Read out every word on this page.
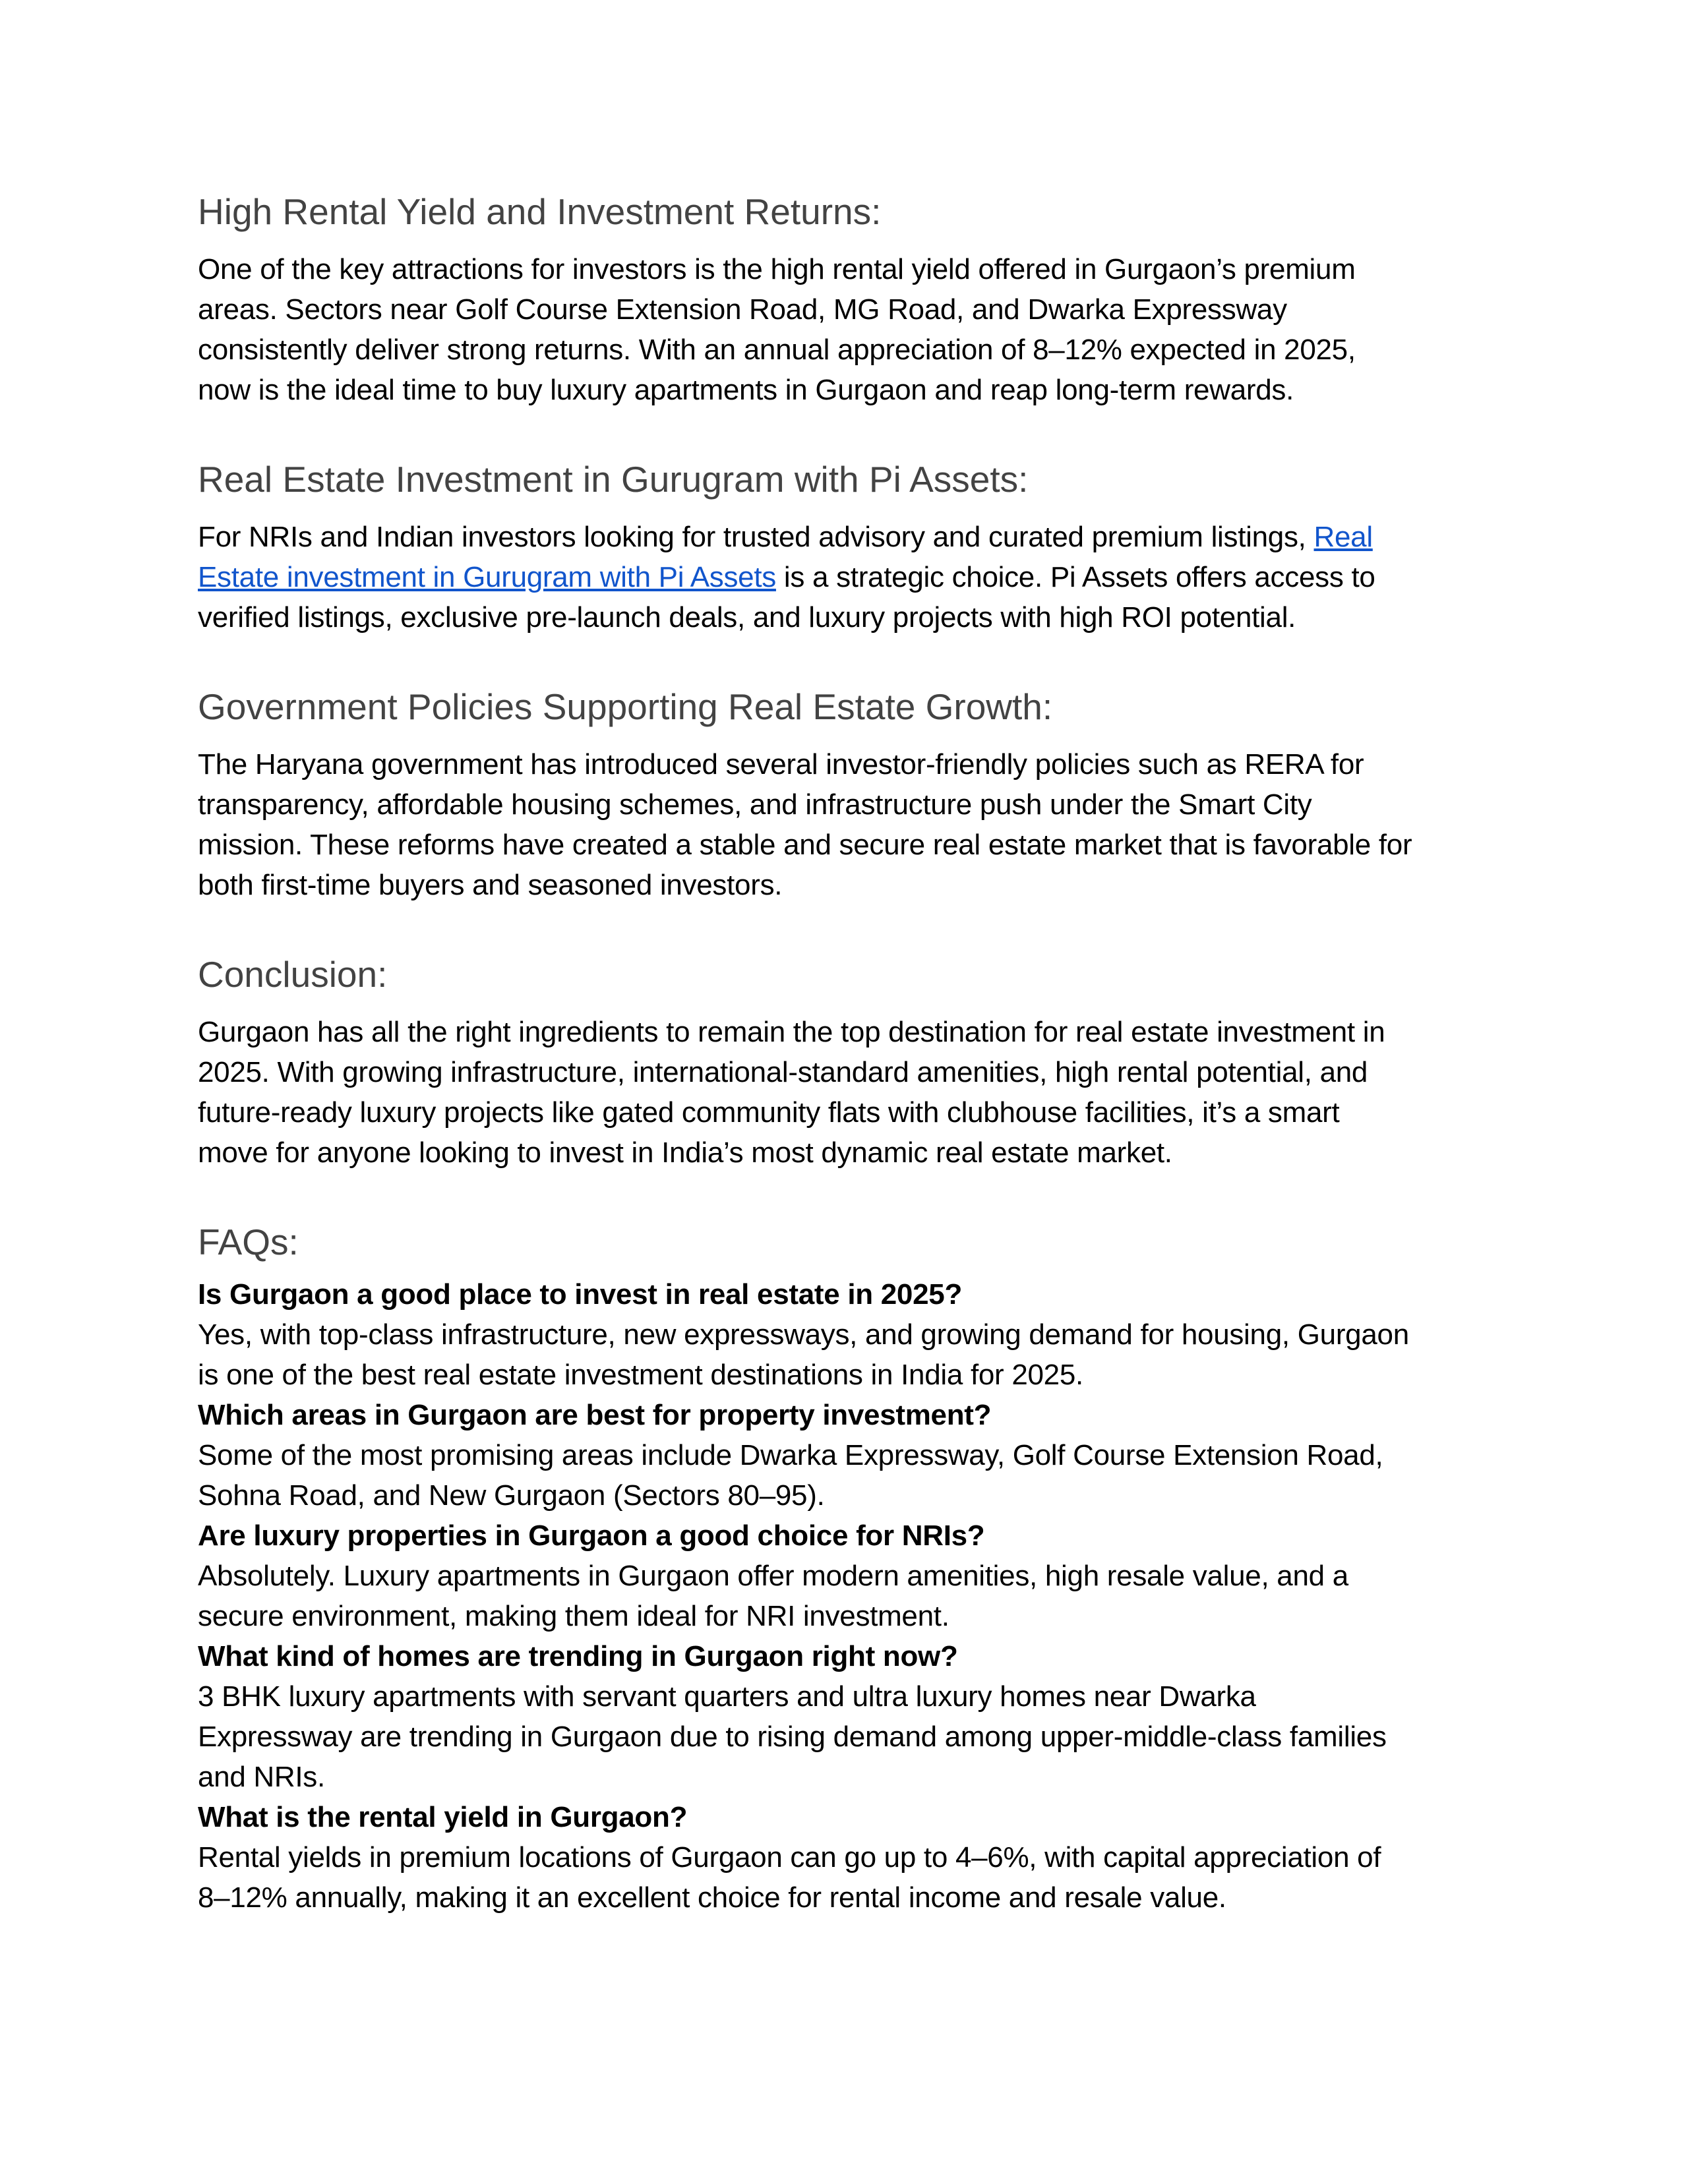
High Rental Yield and Investment Returns:

One of the key attractions for investors is the high rental yield offered in Gurgaon’s premium
areas. Sectors near Golf Course Extension Road, MG Road, and Dwarka Expressway
consistently deliver strong returns. With an annual appreciation of 8–12% expected in 2025,
now is the ideal time to buy luxury apartments in Gurgaon and reap long-term rewards.

Real Estate Investment in Gurugram with Pi Assets:

For NRIs and Indian investors looking for trusted advisory and curated premium listings, Real
Estate investment in Gurugram with Pi Assets is a strategic choice. Pi Assets offers access to
verified listings, exclusive pre-launch deals, and luxury projects with high ROI potential.

Government Policies Supporting Real Estate Growth:

The Haryana government has introduced several investor-friendly policies such as RERA for
transparency, affordable housing schemes, and infrastructure push under the Smart City
mission. These reforms have created a stable and secure real estate market that is favorable for
both first-time buyers and seasoned investors.

Conclusion:

Gurgaon has all the right ingredients to remain the top destination for real estate investment in
2025. With growing infrastructure, international-standard amenities, high rental potential, and
future-ready luxury projects like gated community flats with clubhouse facilities, it’s a smart
move for anyone looking to invest in India’s most dynamic real estate market.

FAQs:

Is Gurgaon a good place to invest in real estate in 2025?

Yes, with top-class infrastructure, new expressways, and growing demand for housing, Gurgaon
is one of the best real estate investment destinations in India for 2025.

Which areas in Gurgaon are best for property investment?

Some of the most promising areas include Dwarka Expressway, Golf Course Extension Road,
Sohna Road, and New Gurgaon (Sectors 80–95).

Are luxury properties in Gurgaon a good choice for NRIs?

Absolutely. Luxury apartments in Gurgaon offer modern amenities, high resale value, and a
secure environment, making them ideal for NRI investment.

What kind of homes are trending in Gurgaon right now?

3 BHK luxury apartments with servant quarters and ultra luxury homes near Dwarka
Expressway are trending in Gurgaon due to rising demand among upper-middle-class families
and NRIs.

What is the rental yield in Gurgaon?

Rental yields in premium locations of Gurgaon can go up to 4–6%, with capital appreciation of
8–12% annually, making it an excellent choice for rental income and resale value.
